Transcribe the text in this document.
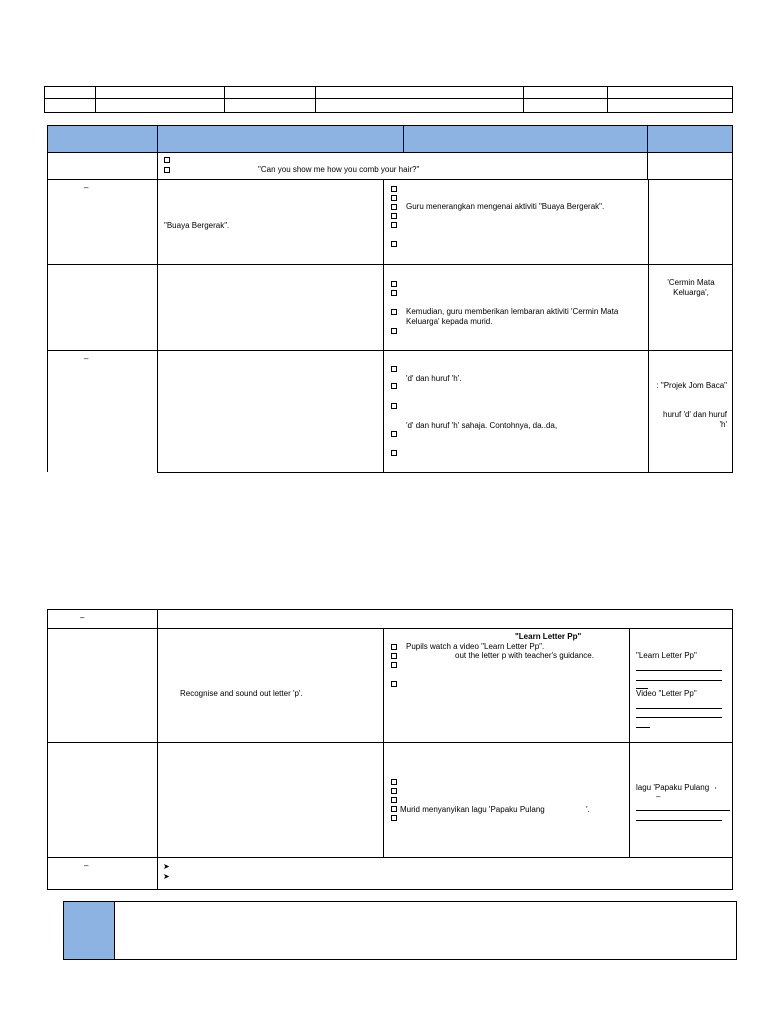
"Can you show me how you comb your hair?"
–
"Buaya Bergerak".
Guru menerangkan mengenai aktiviti "Buaya Bergerak".
Kemudian, guru memberikan lembaran aktiviti 'Cermin Mata Keluarga' kepada murid.
'Cermin Mata Keluarga',
–
'd' dan huruf 'h'.
'd' dan huruf 'h' sahaja. Contohnya, da..da,
: "Projek Jom Baca"
huruf 'd' dan huruf 'h'
–
"Learn Letter Pp"
Pupils watch a video "Learn Letter Pp".
out the letter p with teacher's guidance.
Recognise and sound out letter 'p'.
"Learn Letter Pp"
Video "Letter Pp"
Murid menyanyikan lagu 'Papaku Pulang	'.
lagu 'Papaku Pulang '
–
–	➤
➤
